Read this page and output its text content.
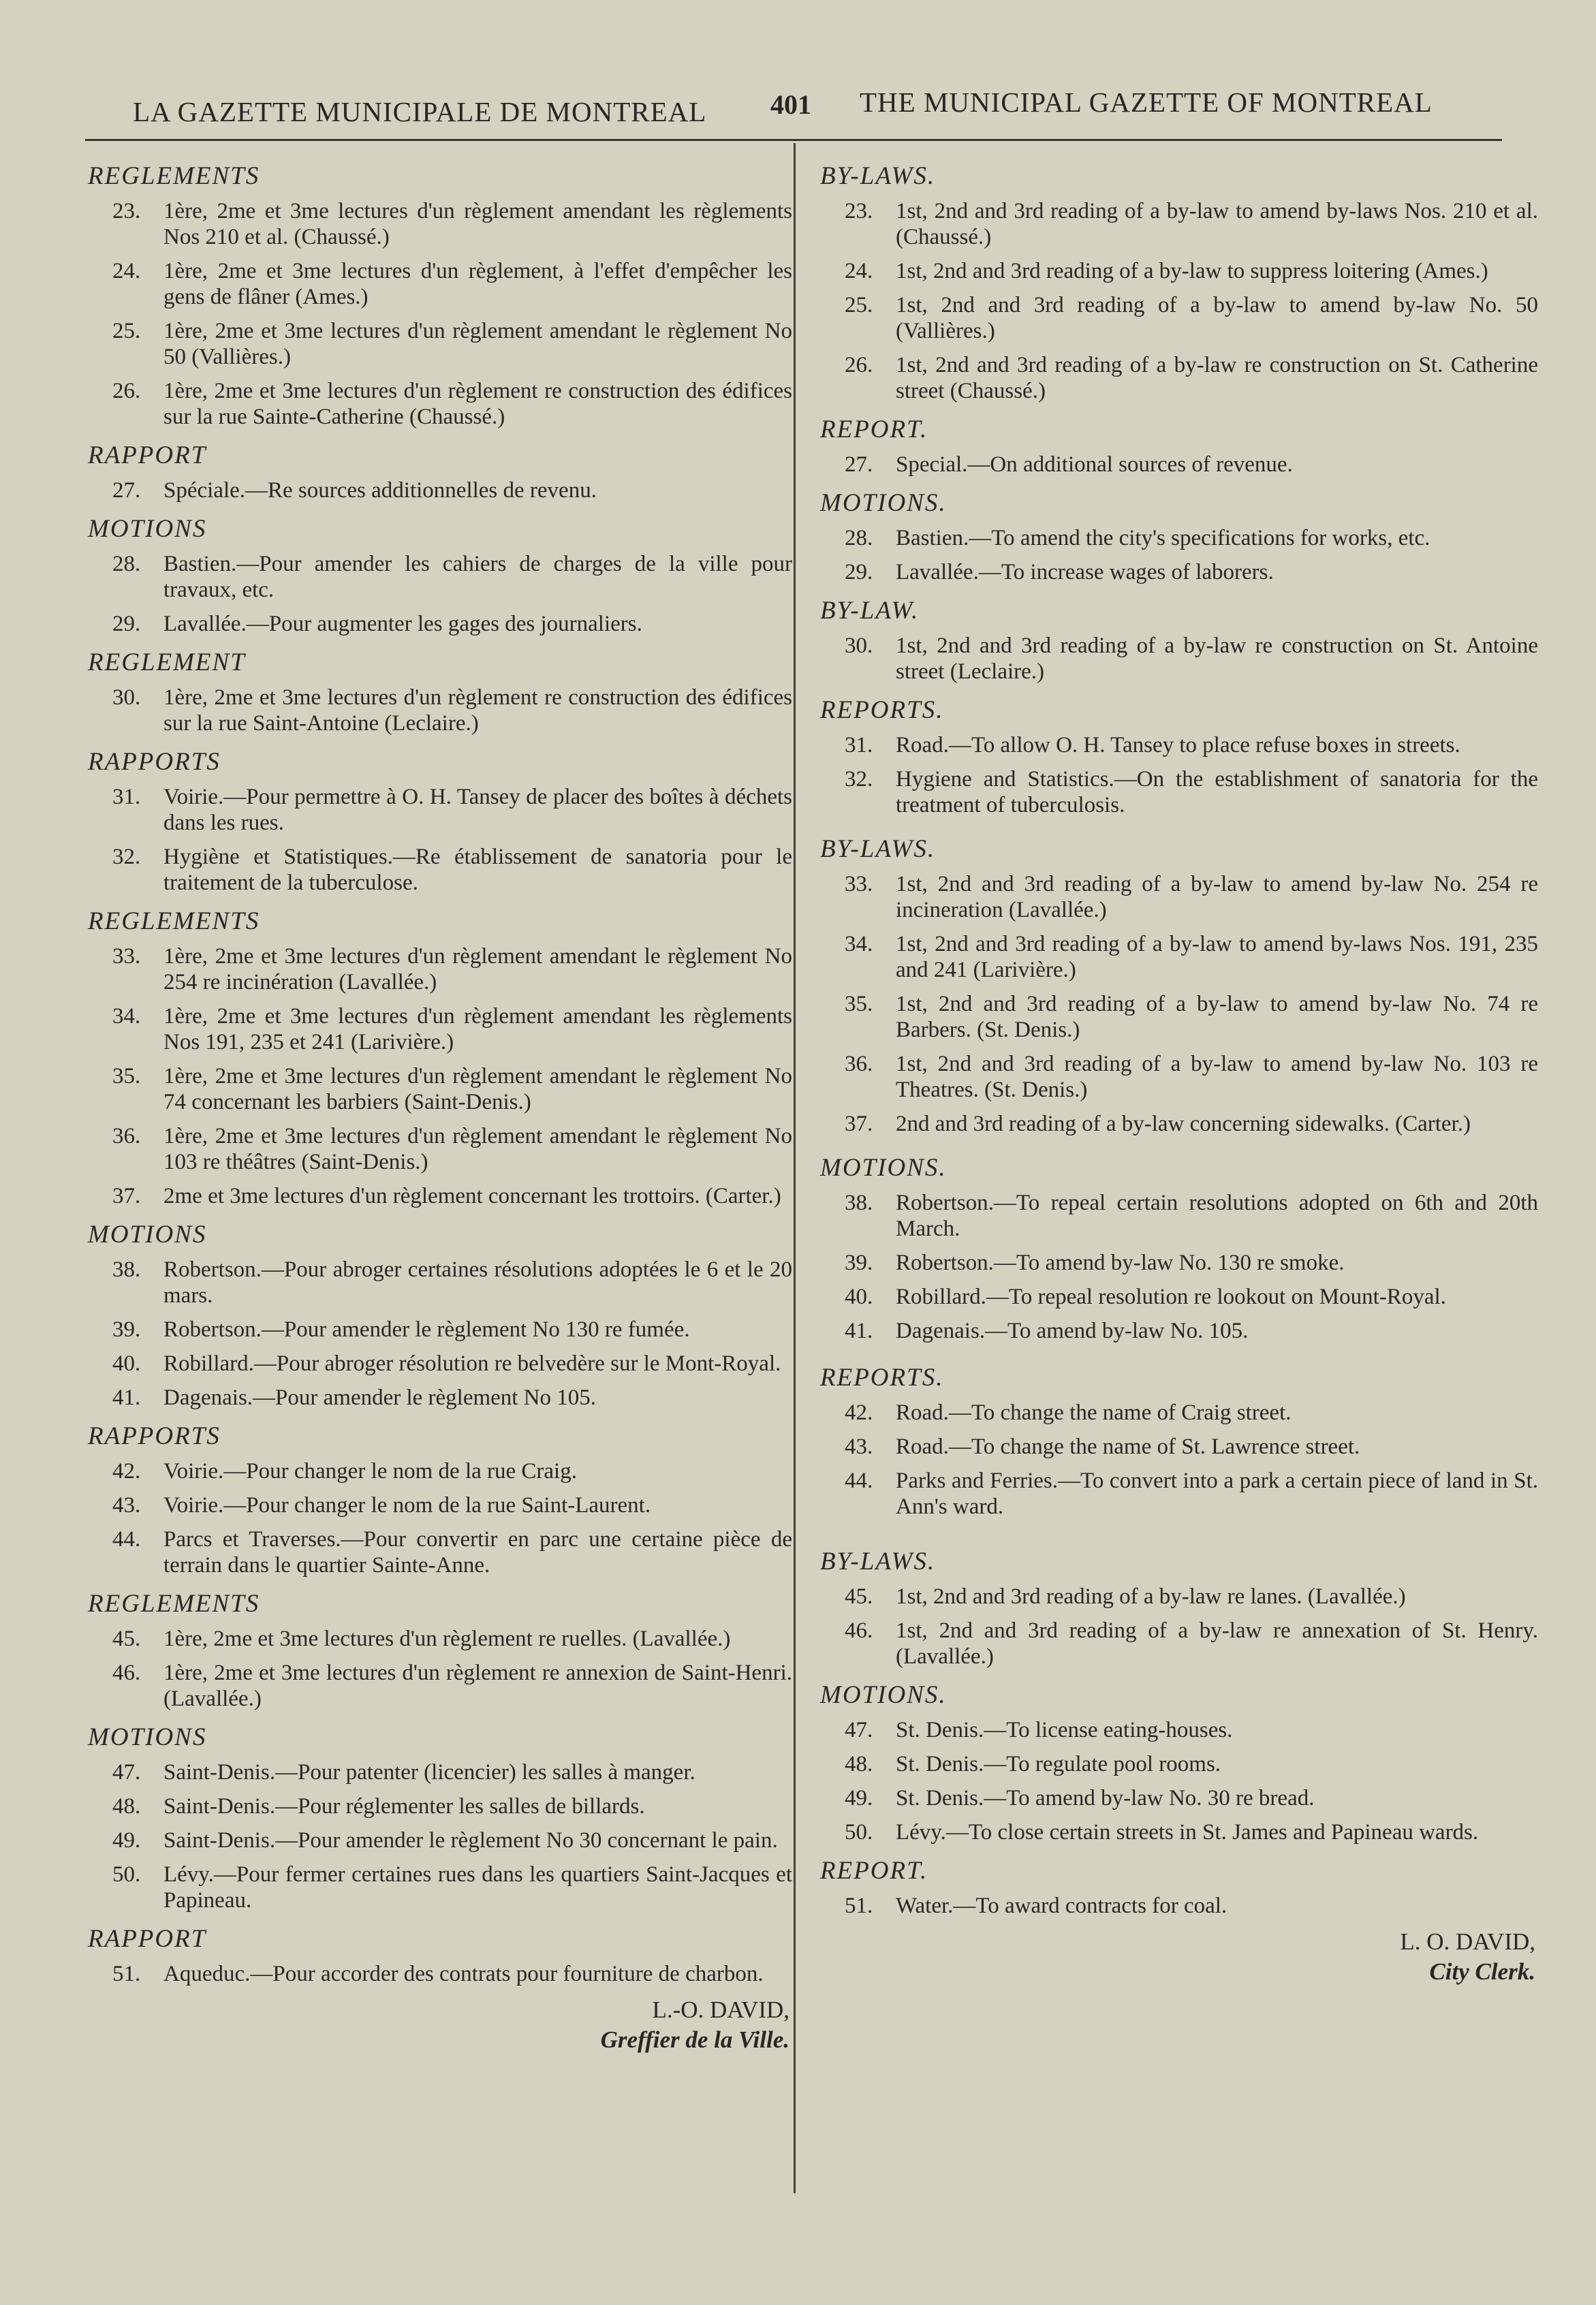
LA GAZETTE MUNICIPALE DE MONTREAL 401 THE MUNICIPAL GAZETTE OF MONTREAL
REGLEMENTS
23. 1ère, 2me et 3me lectures d'un règlement amendant les règlements Nos 210 et al. (Chaussé.)
24. 1ère, 2me et 3me lectures d'un règlement, à l'effet d'empêcher les gens de flâner (Ames.)
25. 1ère, 2me et 3me lectures d'un règlement amendant le règlement No 50 (Vallières.)
26. 1ère, 2me et 3me lectures d'un règlement re construction des édifices sur la rue Sainte-Catherine (Chaussé.)
RAPPORT
27. Spéciale.—Re sources additionnelles de revenu.
MOTIONS
28. Bastien.—Pour amender les cahiers de charges de la ville pour travaux, etc.
29. Lavallée.—Pour augmenter les gages des journaliers.
REGLEMENT
30. 1ère, 2me et 3me lectures d'un règlement re construction des édifices sur la rue Saint-Antoine (Leclaire.)
RAPPORTS
31. Voirie.—Pour permettre à O. H. Tansey de placer des boîtes à déchets dans les rues.
32. Hygiène et Statistiques.—Re établissement de sanatoria pour le traitement de la tuberculose.
REGLEMENTS
33. 1ère, 2me et 3me lectures d'un règlement amendant le règlement No 254 re incinération (Lavallée.)
34. 1ère, 2me et 3me lectures d'un règlement amendant les règlements Nos 191, 235 et 241 (Larivière.)
35. 1ère, 2me et 3me lectures d'un règlement amendant le règlement No 74 concernant les barbiers (Saint-Denis.)
36. 1ère, 2me et 3me lectures d'un règlement amendant le règlement No 103 re théâtres (Saint-Denis.)
37. 2me et 3me lectures d'un règlement concernant les trottoirs. (Carter.)
MOTIONS
38. Robertson.—Pour abroger certaines résolutions adoptées le 6 et le 20 mars.
39. Robertson.—Pour amender le règlement No 130 re fumée.
40. Robillard.—Pour abroger résolution re belvedère sur le Mont-Royal.
41. Dagenais.—Pour amender le règlement No 105.
RAPPORTS
42. Voirie.—Pour changer le nom de la rue Craig.
43. Voirie.—Pour changer le nom de la rue Saint-Laurent.
44. Parcs et Traverses.—Pour convertir en parc une certaine pièce de terrain dans le quartier Sainte-Anne.
REGLEMENTS
45. 1ère, 2me et 3me lectures d'un règlement re ruelles. (Lavallée.)
46. 1ère, 2me et 3me lectures d'un règlement re annexion de Saint-Henri. (Lavallée.)
MOTIONS
47. Saint-Denis.—Pour patenter (licencier) les salles à manger.
48. Saint-Denis.—Pour réglementer les salles de billards.
49. Saint-Denis.—Pour amender le règlement No 30 concernant le pain.
50. Lévy.—Pour fermer certaines rues dans les quartiers Saint-Jacques et Papineau.
RAPPORT
51. Aqueduc.—Pour accorder des contrats pour fourniture de charbon.
L.-O. DAVID,
Greffier de la Ville.
BY-LAWS.
23. 1st, 2nd and 3rd reading of a by-law to amend by-laws Nos. 210 et al. (Chaussé.)
24. 1st, 2nd and 3rd reading of a by-law to suppress loitering (Ames.)
25. 1st, 2nd and 3rd reading of a by-law to amend by-law No. 50 (Vallières.)
26. 1st, 2nd and 3rd reading of a by-law re construction on St. Catherine street (Chaussé.)
REPORT.
27. Special.—On additional sources of revenue.
MOTIONS.
28. Bastien.—To amend the city's specifications for works, etc.
29. Lavallée.—To increase wages of laborers.
BY-LAW.
30. 1st, 2nd and 3rd reading of a by-law re construction on St. Antoine street (Leclaire.)
REPORTS.
31. Road.—To allow O. H. Tansey to place refuse boxes in streets.
32. Hygiene and Statistics.—On the establishment of sanatoria for the treatment of tuberculosis.
BY-LAWS.
33. 1st, 2nd and 3rd reading of a by-law to amend by-law No. 254 re incineration (Lavallée.)
34. 1st, 2nd and 3rd reading of a by-law to amend by-laws Nos. 191, 235 and 241 (Larivière.)
35. 1st, 2nd and 3rd reading of a by-law to amend by-law No. 74 re Barbers. (St. Denis.)
36. 1st, 2nd and 3rd reading of a by-law to amend by-law No. 103 re Theatres. (St. Denis.)
37. 2nd and 3rd reading of a by-law concerning sidewalks. (Carter.)
MOTIONS.
38. Robertson.—To repeal certain resolutions adopted on 6th and 20th March.
39. Robertson.—To amend by-law No. 130 re smoke.
40. Robillard.—To repeal resolution re lookout on Mount-Royal.
41. Dagenais.—To amend by-law No. 105.
REPORTS.
42. Road.—To change the name of Craig street.
43. Road.—To change the name of St. Lawrence street.
44. Parks and Ferries.—To convert into a park a certain piece of land in St. Ann's ward.
BY-LAWS.
45. 1st, 2nd and 3rd reading of a by-law re lanes. (Lavallée.)
46. 1st, 2nd and 3rd reading of a by-law re annexation of St. Henry. (Lavallée.)
MOTIONS.
47. St. Denis.—To license eating-houses.
48. St. Denis.—To regulate pool rooms.
49. St. Denis.—To amend by-law No. 30 re bread.
50. Lévy.—To close certain streets in St. James and Papineau wards.
REPORT.
51. Water.—To award contracts for coal.
L. O. DAVID,
City Clerk.
